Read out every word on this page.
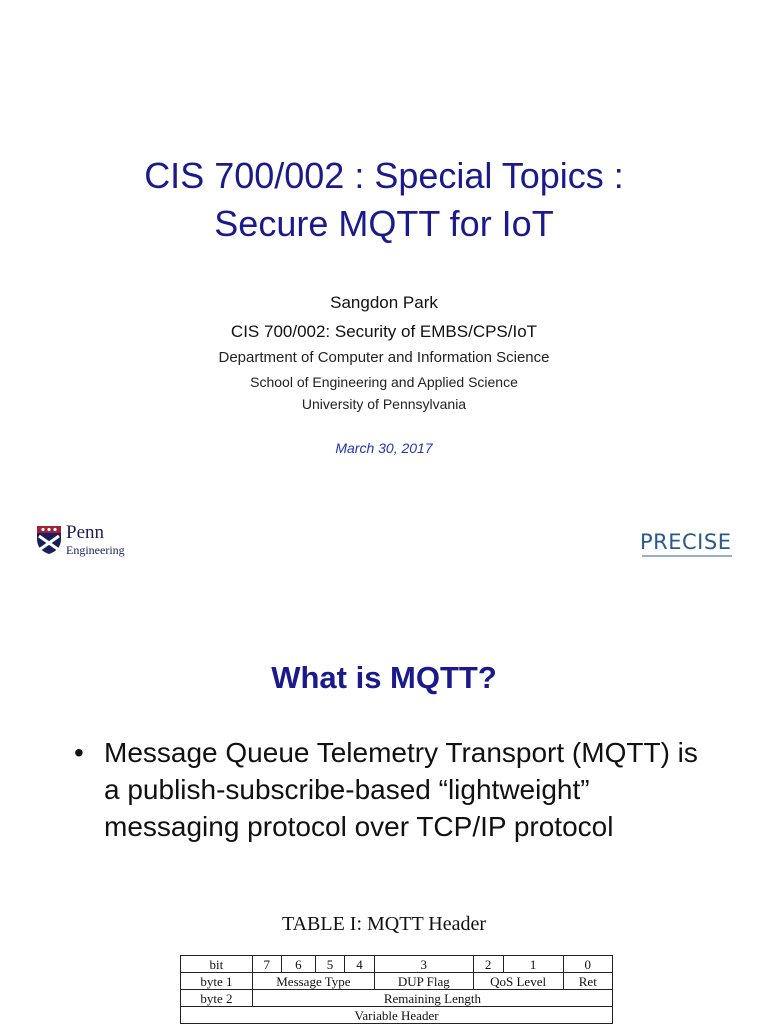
CIS 700/002 : Special Topics :
Secure MQTT for IoT
Sangdon Park
CIS 700/002: Security of EMBS/CPS/IoT
Department of Computer and Information Science
School of Engineering and Applied Science
University of Pennsylvania
March 30, 2017
Penn
Engineering	PRECISE
What is MQTT?
• Message Queue Telemetry Transport (MQTT) is a publish-subscribe-based “lightweight” messaging protocol over TCP/IP protocol
TABLE I: MQTT Header
bit	7	6	5	4	3	2	1	0
byte 1	Message Type				DUP Flag	QoS Level		Ret
byte 2	Remaining Length							
Variable Header								
